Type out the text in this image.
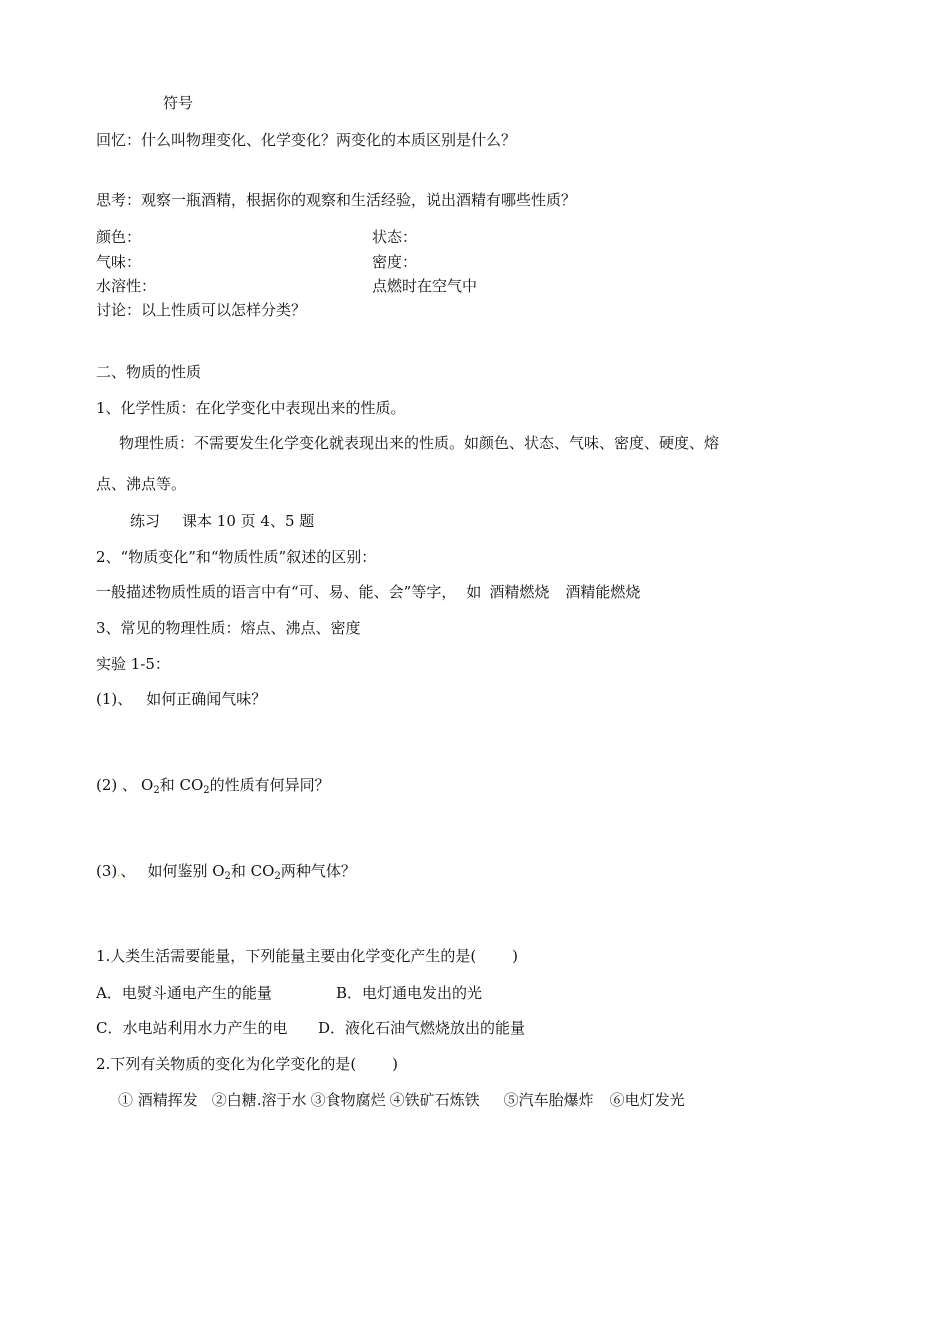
符号
回忆：什么叫物理变化、化学变化？两变化的本质区别是什么？
思考：观察一瓶酒精，根据你的观察和生活经验，说出酒精有哪些性质？
颜色：	状态：
气味：	密度：
水溶性：	点燃时在空气中
讨论：以上性质可以怎样分类？
二、物质的性质
1、化学性质：在化学变化中表现出来的性质。
物理性质：不需要发生化学变化就表现出来的性质。如颜色、状态、气味、密度、硬度、熔
点、沸点等。
练习 课本 10 页 4、5 题
2、“物质变化”和“物质性质”叙述的区别：
一般描述物质性质的语言中有“可、易、能、会”等字， 如 酒精燃烧 酒精能燃烧
3、常见的物理性质：熔点、沸点、密度
实验 1-5：
(1)、 如何正确闻气味？
(2) 、 $O_2$和 $CO_2$的性质有何异同？
(3).、 如何鉴别 $O_2$和 $CO_2$两种气体？
1.人类生活需要能量，下列能量主要由化学变化产生的是( )
A．电熨斗通电产生的能量	B．电灯通电发出的光
C．水电站利用水力产生的电 D．液化石油气燃烧放出的能量
2.下列有关物质的变化为化学变化的是( )
① 酒精挥发 ②白糖.溶于水 ③食物腐烂 ④铁矿石炼铁 ⑤汽车胎爆炸 ⑥电灯发光
